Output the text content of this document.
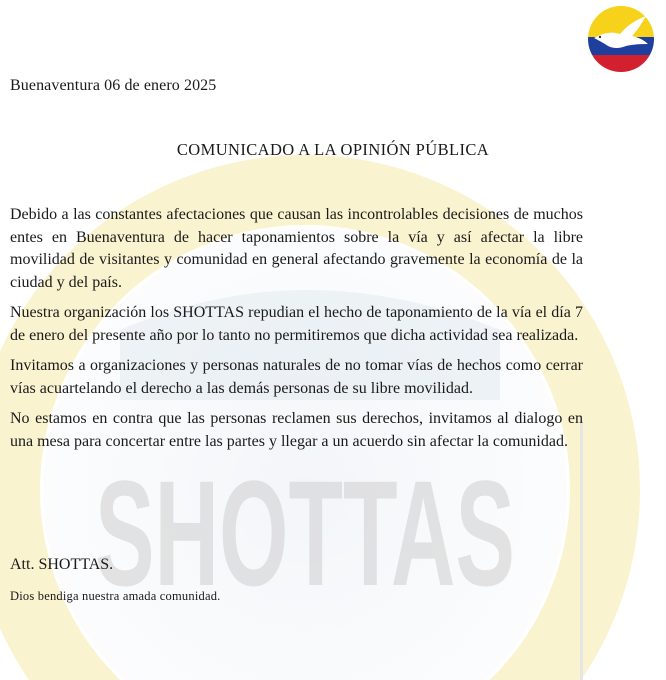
SHOTTAS
Buenaventura 06 de enero 2025
COMUNICADO A LA OPINIÓN PÚBLICA

Debido a las constantes afectaciones que causan las incontrolables decisiones de muchos entes en Buenaventura de hacer taponamientos sobre la vía y así afectar la libre movilidad de visitantes y comunidad en general afectando gravemente la economía de la ciudad y del país.

Nuestra organización los SHOTTAS repudian el hecho de taponamiento de la vía el día 7 de enero del presente año por lo tanto no permitiremos que dicha actividad sea realizada.

Invitamos a organizaciones y personas naturales de no tomar vías de hechos como cerrar vías acuartelando el derecho a las demás personas de su libre movilidad.

No estamos en contra que las personas reclamen sus derechos, invitamos al dialogo en una mesa para concertar entre las partes y llegar a un acuerdo sin afectar la comunidad.

Att. SHOTTAS.
Dios bendiga nuestra amada comunidad.
